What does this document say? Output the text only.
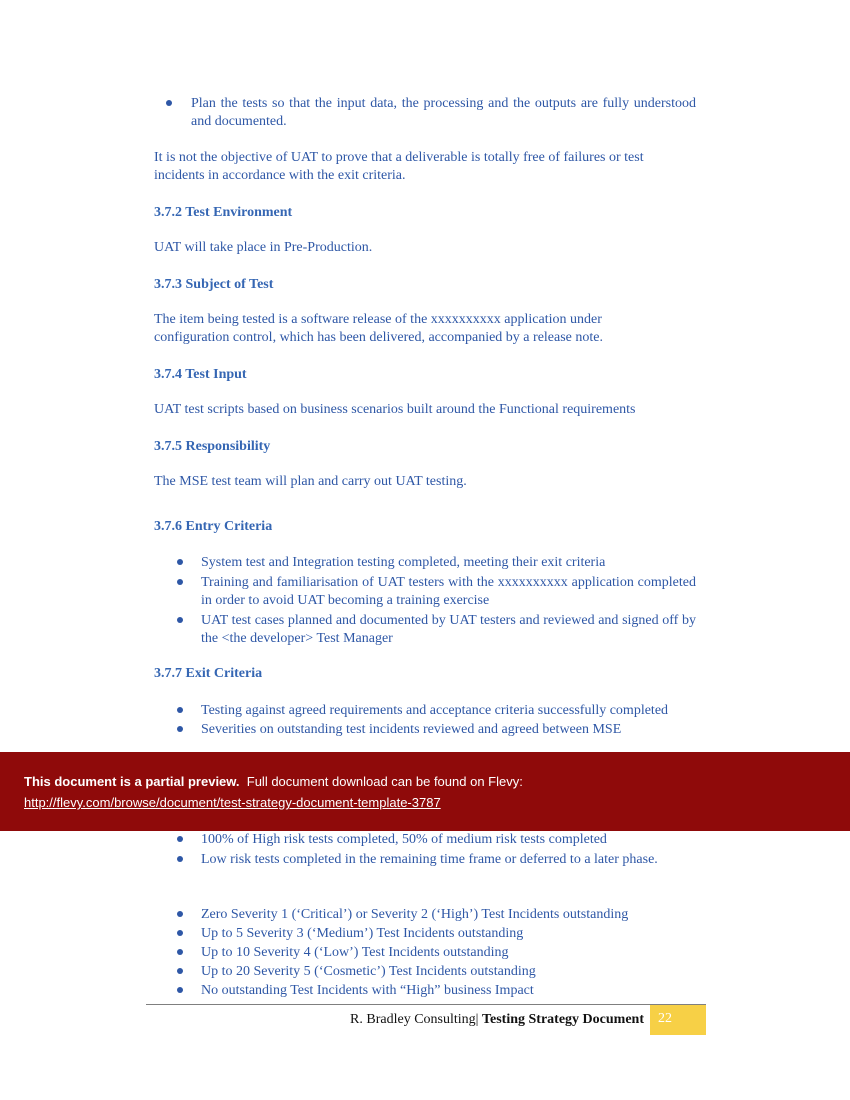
Plan the tests so that the input data, the processing and the outputs are fully understood and documented.
It is not the objective of UAT to prove that a deliverable is totally free of failures or test incidents in accordance with the exit criteria.
3.7.2 Test Environment
UAT will take place in Pre-Production.
3.7.3 Subject of Test
The item being tested is a software release of the xxxxxxxxxx application under configuration control, which has been delivered, accompanied by a release note.
3.7.4 Test Input
UAT test scripts based on business scenarios built around the Functional requirements
3.7.5 Responsibility
The MSE test team will plan and carry out UAT testing.
3.7.6 Entry Criteria
System test and Integration testing completed, meeting their exit criteria
Training and familiarisation of UAT testers with the xxxxxxxxxx application completed in order to avoid UAT becoming a training exercise
UAT test cases planned and documented by UAT testers and reviewed and signed off by the <the developer> Test Manager
3.7.7 Exit Criteria
Testing against agreed requirements and acceptance criteria successfully completed
Severities on outstanding test incidents reviewed and agreed between MSE
100% of High risk tests completed, 50% of medium risk tests completed
Low risk tests completed in the remaining time frame or deferred to a later phase.
Zero Severity 1 (‘Critical’) or Severity 2 (‘High’) Test Incidents outstanding
Up to 5 Severity 3 (‘Medium’) Test Incidents outstanding
Up to 10 Severity 4 (‘Low’) Test Incidents outstanding
Up to 20 Severity 5 (‘Cosmetic’) Test Incidents outstanding
No outstanding Test Incidents with “High” business Impact
This document is a partial preview. Full document download can be found on Flevy:
http://flevy.com/browse/document/test-strategy-document-template-3787
R. Bradley Consulting| Testing Strategy Document 22
